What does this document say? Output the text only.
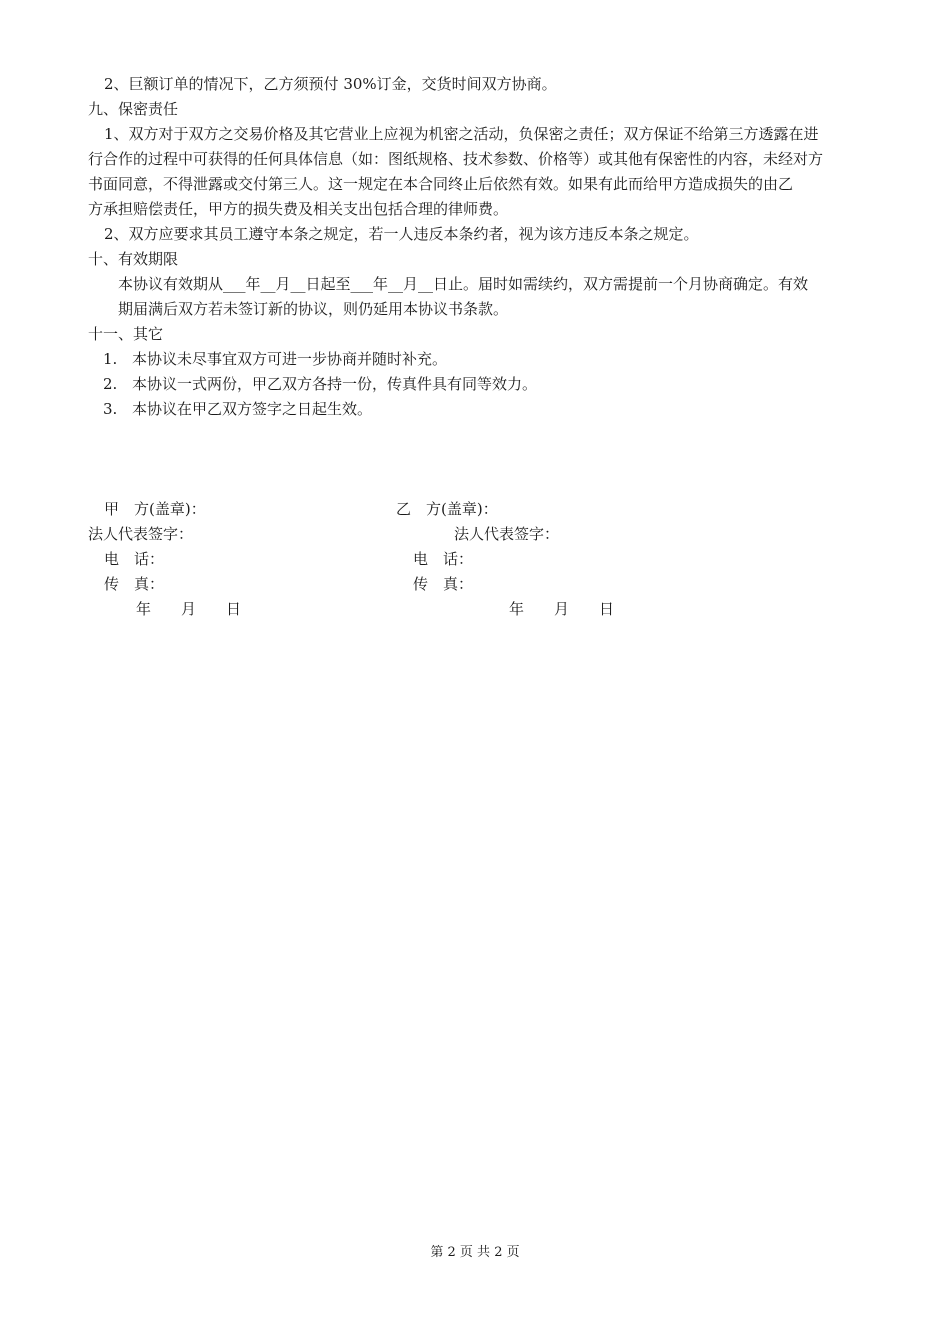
2、巨额订单的情况下，乙方须预付 30%订金，交货时间双方协商。
九、保密责任
1、双方对于双方之交易价格及其它营业上应视为机密之活动，负保密之责任；双方保证不给第三方透露在进
行合作的过程中可获得的任何具体信息（如：图纸规格、技术参数、价格等）或其他有保密性的内容，未经对方
书面同意，不得泄露或交付第三人。这一规定在本合同终止后依然有效。如果有此而给甲方造成损失的由乙
方承担赔偿责任，甲方的损失费及相关支出包括合理的律师费。
2、双方应要求其员工遵守本条之规定，若一人违反本条约者，视为该方违反本条之规定。
十、有效期限
本协议有效期从___年__月__日起至___年__月__日止。届时如需续约，双方需提前一个月协商确定。有效
期届满后双方若未签订新的协议，则仍延用本协议书条款。
十一、其它
1. 本协议未尽事宜双方可进一步协商并随时补充。
2. 本协议一式两份，甲乙双方各持一份，传真件具有同等效力。
3. 本协议在甲乙双方签字之日起生效。
甲　方(盖章)：
法人代表签字：
电　话：
传　真：
年　　月　　日
乙　方(盖章)：
法人代表签字：
电　话：
传　真：
年　　月　　日
第 2 页 共 2 页
